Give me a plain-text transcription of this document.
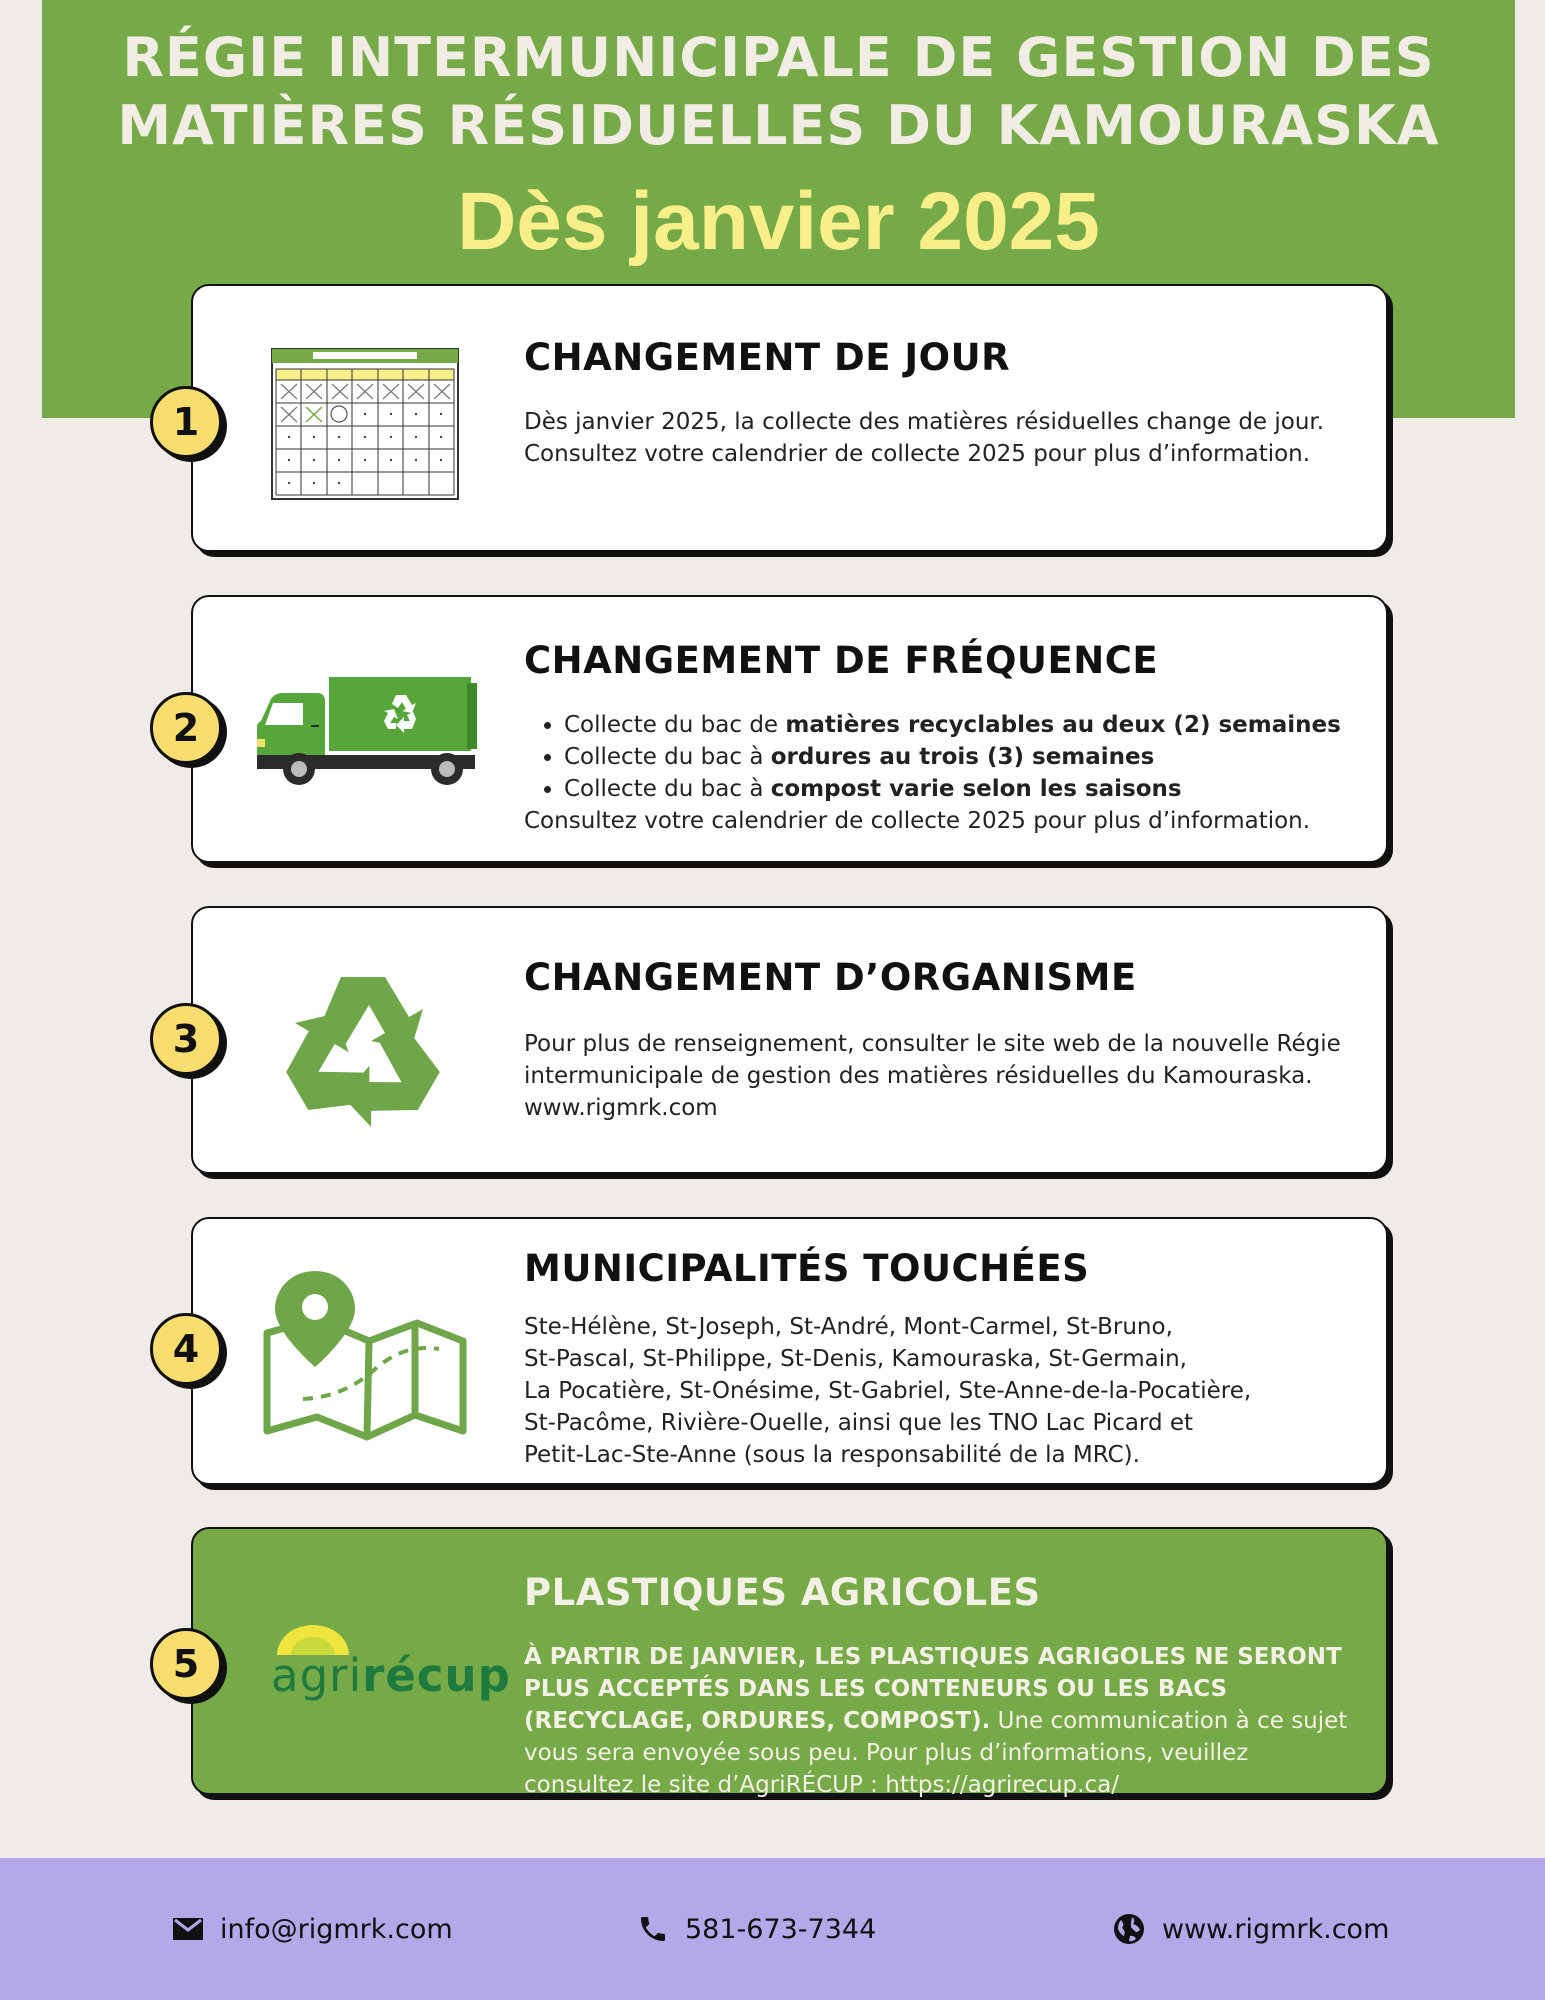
RÉGIE INTERMUNICIPALE DE GESTION DES
MATIÈRES RÉSIDUELLES DU KAMOURASKA
Dès janvier 2025
CHANGEMENT DE JOUR
Dès janvier 2025, la collecte des matières résiduelles change de jour. Consultez votre calendrier de collecte 2025 pour plus d’information.
1
CHANGEMENT DE FRÉQUENCE
• Collecte du bac de matières recyclables au deux (2) semaines
• Collecte du bac à ordures au trois (3) semaines
• Collecte du bac à compost varie selon les saisons
Consultez votre calendrier de collecte 2025 pour plus d’information.
2
CHANGEMENT D’ORGANISME
Pour plus de renseignement, consulter le site web de la nouvelle Régie intermunicipale de gestion des matières résiduelles du Kamouraska. www.rigmrk.com
3
MUNICIPALITÉS TOUCHÉES
Ste-Hélène, St-Joseph, St-André, Mont-Carmel, St-Bruno,
St-Pascal, St-Philippe, St-Denis, Kamouraska, St-Germain,
La Pocatière, St-Onésime, St-Gabriel, Ste-Anne-de-la-Pocatière,
St-Pacôme, Rivière-Ouelle, ainsi que les TNO Lac Picard et
Petit-Lac-Ste-Anne (sous la responsabilité de la MRC).
4
agrirécup
PLASTIQUES AGRICOLES
À PARTIR DE JANVIER, LES PLASTIQUES AGRIGOLES NE SERONT PLUS ACCEPTÉS DANS LES CONTENEURS OU LES BACS (RECYCLAGE, ORDURES, COMPOST). Une communication à ce sujet vous sera envoyée sous peu. Pour plus d’informations, veuillez consultez le site d’AgriRÉCUP : https://agrirecup.ca/
5
info@rigmrk.com	581-673-7344	www.rigmrk.com
